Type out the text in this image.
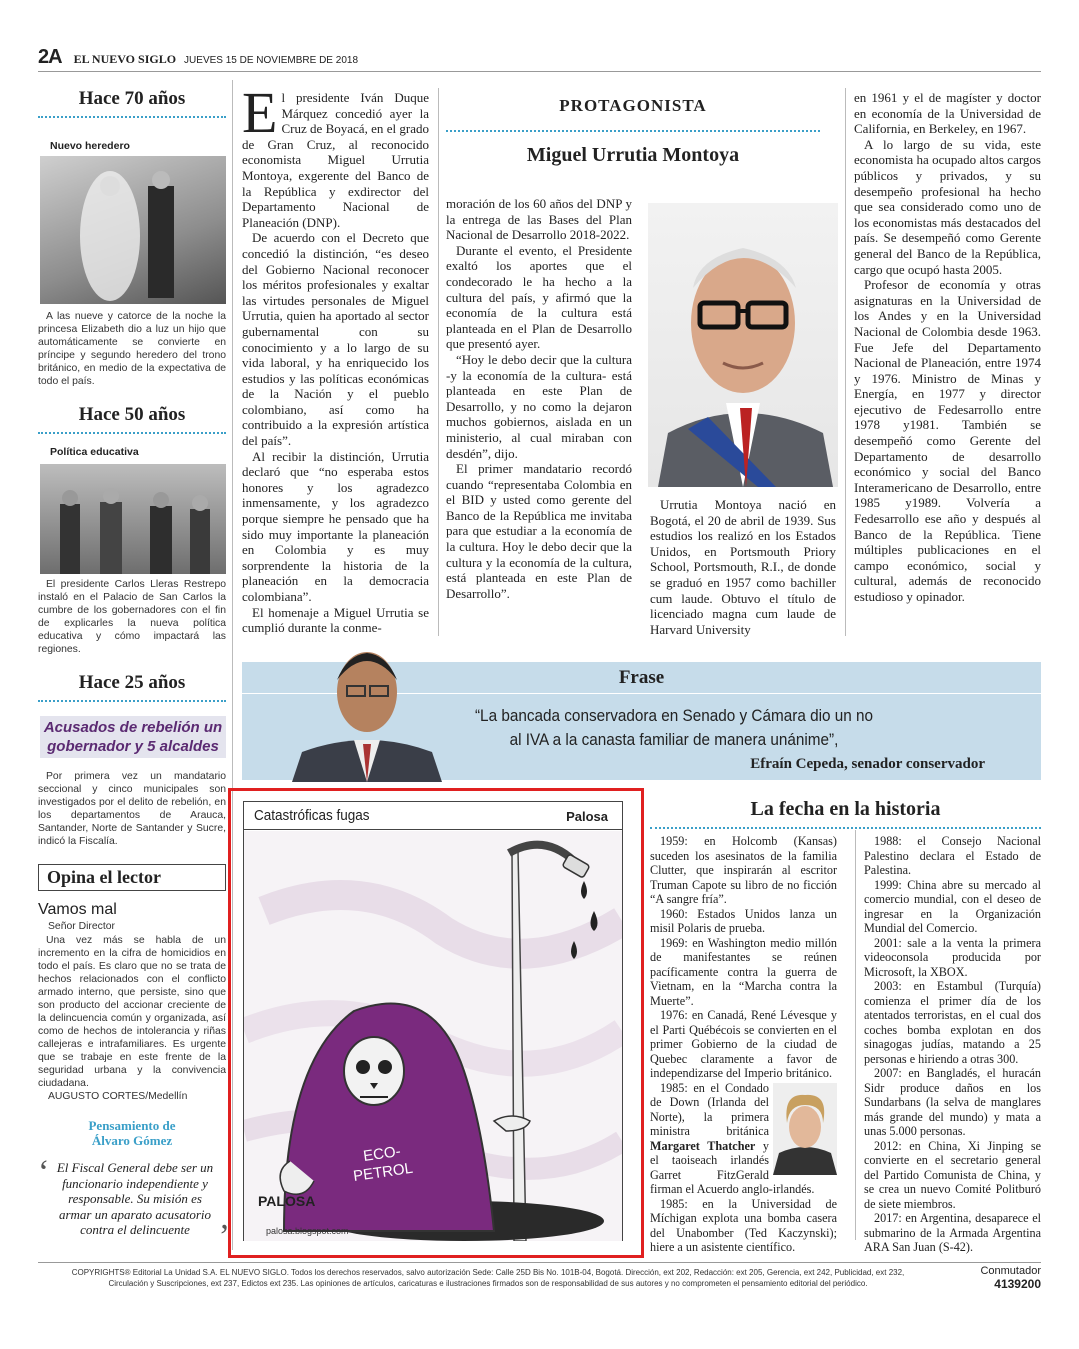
2A EL NUEVO SIGLO JUEVES 15 DE NOVIEMBRE DE 2018
Hace 70 años
Nuevo heredero

A las nueve y catorce de la noche la princesa Elizabeth dio a luz un hijo que automáticamente se convierte en príncipe y segundo heredero del trono británico, en medio de la expectativa de todo el país.

Hace 50 años
Política educativa

El presidente Carlos Lleras Restrepo instaló en el Palacio de San Carlos la cumbre de los gobernadores con el fin de explicarles la nueva política educativa y cómo impactará las regiones.

Hace 25 años
Acusados de rebelión un
gobernador y 5 alcaldes

Por primera vez un mandatario seccional y cinco municipales son investigados por el delito de rebelión, en los departamentos de Arauca, Santander, Norte de Santander y Sucre, indicó la Fiscalía.

Opina el lector
Vamos mal
Señor Director

Una vez más se habla de un incremento en la cifra de homicidios en todo el país. Es claro que no se trata de hechos relacionados con el conflicto armado interno, que persiste, sino que son producto del accionar creciente de la delincuencia común y organizada, así como de hechos de intolerancia y riñas callejeras e intrafamiliares. Es urgente que se trabaje en este frente de la seguridad urbana y la convivencia ciudadana.

AUGUSTO CORTES/Medellín
Pensamiento de
Álvaro Gómez
‘ El Fiscal General debe ser un funcionario independiente y responsable. Su misión es armar un aparato acusatorio contra el delincuente ’
E l presidente Iván Duque Márquez concedió ayer la Cruz de Boyacá, en el grado de Gran Cruz, al reconocido economista Miguel Urrutia Montoya, exgerente del Banco de la República y exdirector del Departamento Nacional de Planeación (DNP).

De acuerdo con el Decreto que concedió la distinción, “es deseo del Gobierno Nacional reconocer los méritos profesionales y exaltar las virtudes personales de Miguel Urrutia, quien ha aportado al sector gubernamental con su conocimiento y a lo largo de su vida laboral, y ha enriquecido los estudios y las políticas económicas de la Nación y el pueblo colombiano, así como ha contribuido a la expresión artística del país”.

Al recibir la distinción, Urrutia declaró que “no esperaba estos honores y los agradezco inmensamente, y los agradezco porque siempre he pensado que ha sido muy importante la planeación en Colombia y es muy sorprendente la historia de la planeación en la democracia colombiana”.

El homenaje a Miguel Urrutia se cumplió durante la conme-

PROTAGONISTA
Miguel Urrutia Montoya

moración de los 60 años del DNP y la entrega de las Bases del Plan Nacional de Desarrollo 2018-2022.

Durante el evento, el Presidente exaltó los aportes que el condecorado le ha hecho a la cultura del país, y afirmó que la economía de la cultura está planteada en el Plan de Desarrollo que presentó ayer.

“Hoy le debo decir que la cultura -y la economía de la cultura- está planteada en este Plan de Desarrollo, y no como la dejaron muchos gobiernos, aislada en un ministerio, al cual miraban con desdén”, dijo.

El primer mandatario recordó cuando “representaba Colombia en el BID y usted como gerente del Banco de la República me invitaba para que estudiar a la economía de la cultura. Hoy le debo decir que la cultura y la economía de la cultura, está planteada en este Plan de Desarrollo”.

Urrutia Montoya nació en Bogotá, el 20 de abril de 1939. Sus estudios los realizó en los Estados Unidos, en Portsmouth Priory School, Portsmouth, R.I., de donde se graduó en 1957 como bachiller cum laude. Obtuvo el título de licenciado magna cum laude de Harvard University

en 1961 y el de magíster y doctor en economía de la Universidad de California, en Berkeley, en 1967.

A lo largo de su vida, este economista ha ocupado altos cargos públicos y privados, y su desempeño profesional ha hecho que sea considerado como uno de los economistas más destacados del país. Se desempeñó como Gerente general del Banco de la República, cargo que ocupó hasta 2005.

Profesor de economía y otras asignaturas en la Universidad de los Andes y en la Universidad Nacional de Colombia desde 1963. Fue Jefe del Departamento Nacional de Planeación, entre 1974 y 1976. Ministro de Minas y Energía, en 1977 y director ejecutivo de Fedesarrollo entre 1978 y1981. También se desempeñó como Gerente del Departamento de desarrollo económico y social del Banco Interamericano de Desarrollo, entre 1985 y1989. Volvería a Fedesarrollo ese año y después al Banco de la República. Tiene múltiples publicaciones en el campo económico, social y cultural, además de reconocido estudioso y opinador.

Frase
“La bancada conservadora en Senado y Cámara dio un no
al IVA a la canasta familiar de manera unánime”,
Efraín Cepeda, senador conservador
Catastróficas fugas	Palosa
ECO-
PETROL
PALOSA
palosa.blogspot.com
La fecha en la historia

1959: en Holcomb (Kansas) suceden los asesinatos de la familia Clutter, que inspirarán al escritor Truman Capote su libro de no ficción “A sangre fría”.

1960: Estados Unidos lanza un misil Polaris de prueba.

1969: en Washington medio millón de manifestantes se reúnen pacíficamente contra la guerra de Vietnam, en la “Marcha contra la Muerte”.

1976: en Canadá, René Lévesque y el Parti Québécois se convierten en el primer Gobierno de la ciudad de Quebec claramente a favor de independizarse del Imperio británico.

1985: en el Condado de Down (Irlanda del Norte), la primera ministra británica Margaret Thatcher y el taoiseach irlandés Garret FitzGerald firman el Acuerdo anglo-irlandés.

1985: en la Universidad de Míchigan explota una bomba casera del Unabomber (Ted Kaczynski); hiere a un asistente científico.

1988: el Consejo Nacional Palestino declara el Estado de Palestina.

1999: China abre su mercado al comercio mundial, con el deseo de ingresar en la Organización Mundial del Comercio.

2001: sale a la venta la primera videoconsola producida por Microsoft, la XBOX.

2003: en Estambul (Turquía) comienza el primer día de los atentados terroristas, en el cual dos coches bomba explotan en dos sinagogas judías, matando a 25 personas e hiriendo a otras 300.

2007: en Bangladés, el huracán Sidr produce daños en los Sundarbans (la selva de manglares más grande del mundo) y mata a unas 5.000 personas.

2012: en China, Xi Jinping se convierte en el secretario general del Partido Comunista de China, y se crea un nuevo Comité Politburó de siete miembros.

2017: en Argentina, desaparece el submarino de la Armada Argentina ARA San Juan (S-42).

COPYRIGHTS® Editorial La Unidad S.A. EL NUEVO SIGLO. Todos los derechos reservados, salvo autorización Sede: Calle 25D Bis No. 101B-04, Bogotá. Dirección, ext 202, Redacción: ext 205, Gerencia, ext 242, Publicidad, ext 232,
Circulación y Suscripciones, ext 237, Edictos ext 235. Las opiniones de artículos, caricaturas e ilustraciones firmados son de responsabilidad de sus autores y no comprometen el pensamiento editorial del periódico.
Conmutador
4139200
